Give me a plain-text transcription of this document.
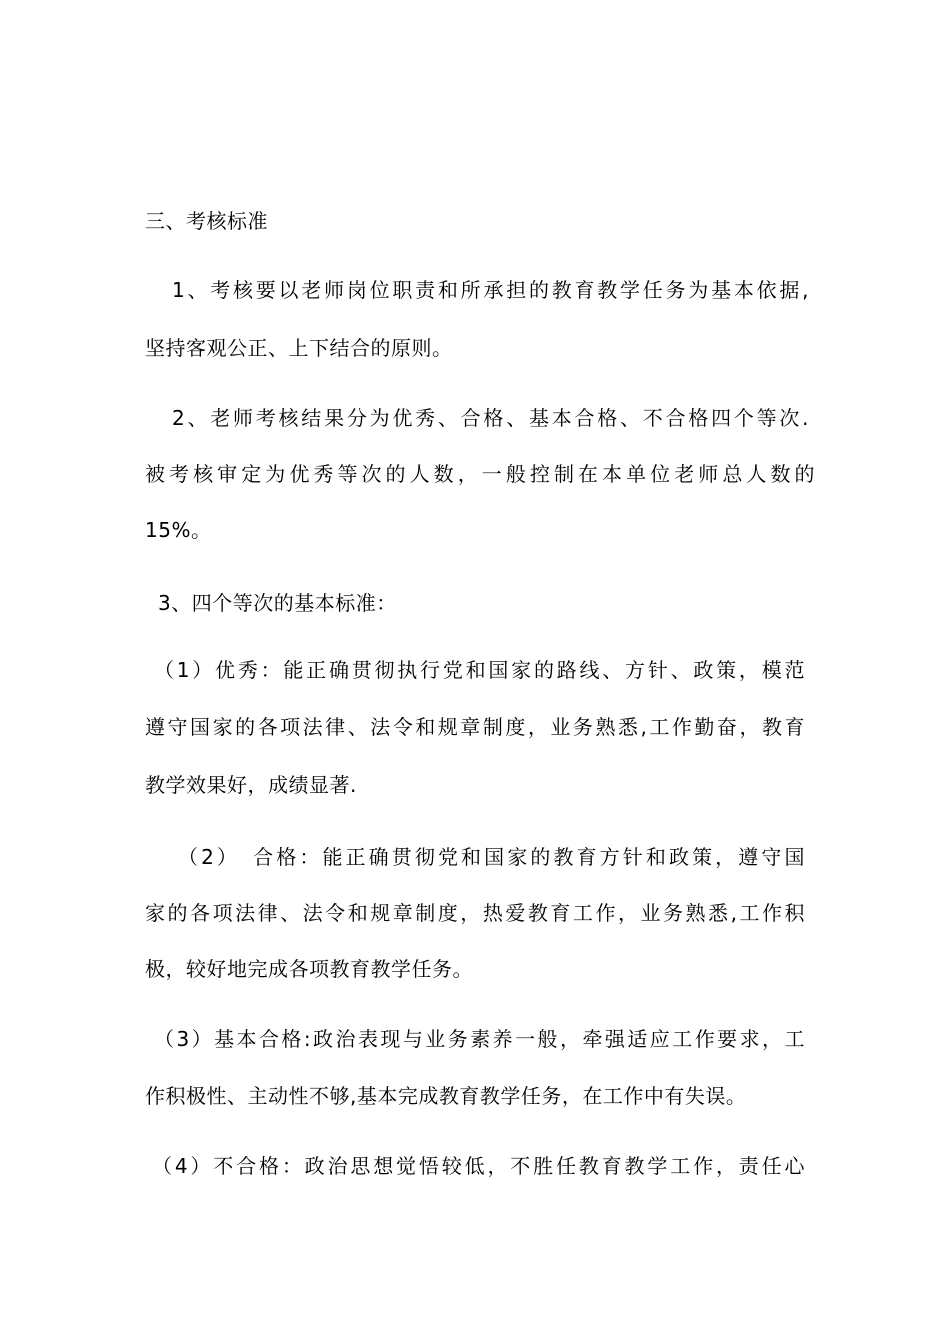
三、考核标准
1、考核要以老师岗位职责和所承担的教育教学任务为基本依据,
坚持客观公正、上下结合的原则。
2、老师考核结果分为优秀、合格、基本合格、不合格四个等次.
被考核审定为优秀等次的人数，一般控制在本单位老师总人数的
15%。
3、四个等次的基本标准：
（1）优秀：能正确贯彻执行党和国家的路线、方针、政策，模范
遵守国家的各项法律、法令和规章制度，业务熟悉,工作勤奋，教育
教学效果好，成绩显著.
（2）　合格：能正确贯彻党和国家的教育方针和政策，遵守国
家的各项法律、法令和规章制度，热爱教育工作，业务熟悉,工作积
极，较好地完成各项教育教学任务。
（3）基本合格:政治表现与业务素养一般，牵强适应工作要求，工
作积极性、主动性不够,基本完成教育教学任务，在工作中有失误。
（4）不合格：政治思想觉悟较低，不胜任教育教学工作，责任心
